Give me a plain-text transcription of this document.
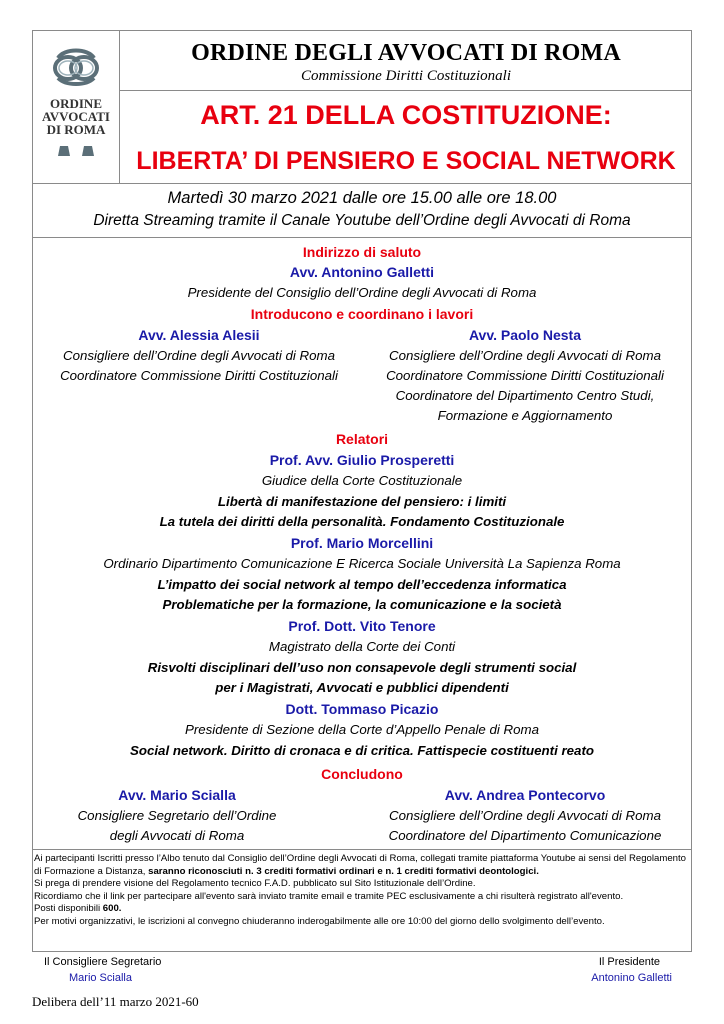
ORDINE
AVVOCATI
DI ROMA
ORDINE DEGLI AVVOCATI DI ROMA
Commissione Diritti Costituzionali
ART. 21 DELLA COSTITUZIONE:
LIBERTA’ DI PENSIERO E SOCIAL NETWORK
Martedì 30 marzo 2021 dalle ore 15.00 alle ore 18.00
Diretta Streaming tramite il Canale Youtube dell’Ordine degli Avvocati di Roma
Indirizzo di saluto
Avv. Antonino Galletti
Presidente del Consiglio dell’Ordine degli Avvocati di Roma
Introducono e coordinano i lavori
Avv. Alessia Alesii
Consigliere dell’Ordine degli Avvocati di Roma
Coordinatore Commissione Diritti Costituzionali
Avv. Paolo Nesta
Consigliere dell’Ordine degli Avvocati di Roma
Coordinatore Commissione Diritti Costituzionali
Coordinatore del Dipartimento Centro Studi,
Formazione e Aggiornamento
Relatori
Prof. Avv. Giulio Prosperetti
Giudice della Corte Costituzionale
Libertà di manifestazione del pensiero: i limiti
La tutela dei diritti della personalità. Fondamento Costituzionale
Prof. Mario Morcellini
Ordinario Dipartimento Comunicazione E Ricerca Sociale Università La Sapienza Roma
L’impatto dei social network al tempo dell’eccedenza informatica
Problematiche per la formazione, la comunicazione e la società
Prof. Dott. Vito Tenore
Magistrato della Corte dei Conti
Risvolti disciplinari dell’uso non consapevole degli strumenti social
per i Magistrati, Avvocati e pubblici dipendenti
Dott. Tommaso Picazio
Presidente di Sezione della Corte d’Appello Penale di Roma
Social network. Diritto di cronaca e di critica. Fattispecie costituenti reato
Concludono
Avv. Mario Scialla
Consigliere Segretario dell’Ordine
degli Avvocati di Roma
Avv. Andrea Pontecorvo
Consigliere dell’Ordine degli Avvocati di Roma
Coordinatore del Dipartimento Comunicazione

Ai partecipanti Iscritti presso l’Albo tenuto dal Consiglio dell’Ordine degli Avvocati di Roma, collegati tramite piattaforma Youtube ai sensi del Regolamento di Formazione a Distanza, saranno riconosciuti n. 3 crediti formativi ordinari e n. 1 crediti formativi deontologici.

Si prega di prendere visione del Regolamento tecnico F.A.D. pubblicato sul Sito Istituzionale dell’Ordine.

Ricordiamo che il link per partecipare all'evento sarà inviato tramite email e tramite PEC esclusivamente a chi risulterà registrato all'evento.

Posti disponibili 600.

Per motivi organizzativi, le iscrizioni al convegno chiuderanno inderogabilmente alle ore 10:00 del giorno dello svolgimento dell’evento.

Il Consigliere Segretario
Mario Scialla
Il Presidente
Antonino Galletti
Delibera dell’11 marzo 2021-60
